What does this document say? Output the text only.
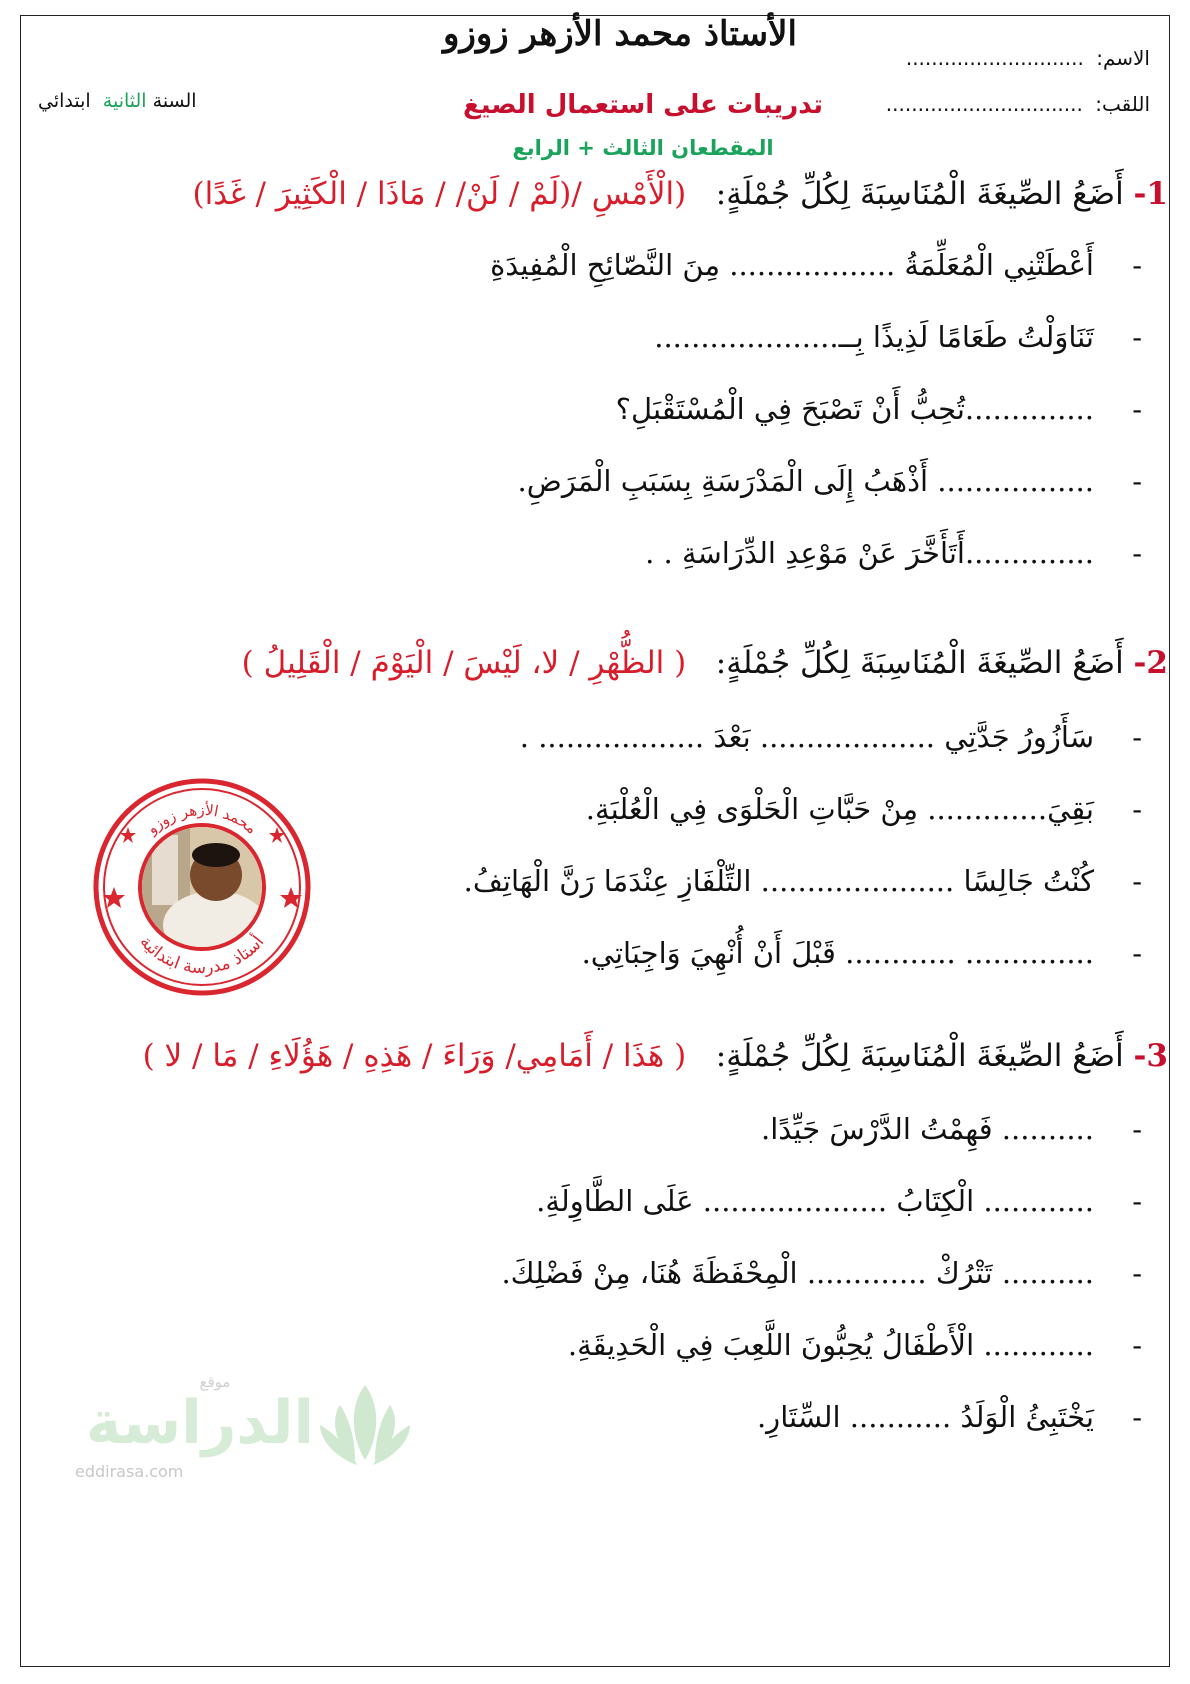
الأستاذ محمد الأزهر زوزو
الاسم: ............................
اللقب: ...............................
السنة الثانية  ابتدائي	تدريبات على استعمال الصيغ
المقطعان الثالث + الرابع
1- أَضَعُ الصِّيغَةَ الْمُنَاسِبَةَ لِكُلِّ جُمْلَةٍ:   (الْأَمْسِ /(لَمْ / لَنْ/ / مَاذَا / الْكَثِيرَ / غَدًا)
-أَعْطَتْنِي الْمُعَلِّمَةُ .................. مِنَ النَّصّائِحِ الْمُفِيدَةِ
-تَنَاوَلْتُ طَعَامًا لَذِيذًا بِــ....................
-..............تُحِبُّ أَنْ تَصْبَحَ فِي الْمُسْتَقْبَلِ؟
-................. أَذْهَبُ إِلَى الْمَدْرَسَةِ بِسَبَبِ الْمَرَضِ.
-..............أَتَأَخَّرَ عَنْ مَوْعِدِ الدِّرَاسَةِ . .
2- أَضَعُ الصِّيغَةَ الْمُنَاسِبَةَ لِكُلِّ جُمْلَةٍ:   ( الظُّهْرِ / لا، لَيْسَ / الْيَوْمَ / الْقَلِيلُ )
-سَأَزُورُ جَدَّتِي ................... بَعْدَ .................. .
-بَقِيَ............. مِنْ حَبَّاتِ الْحَلْوَى فِي الْعُلْبَةِ.
-كُنْتُ جَالِسًا ..................... التِّلْفَازِ عِنْدَمَا رَنَّ الْهَاتِفُ.
-.............. ............ قَبْلَ أَنْ أُنْهِيَ وَاجِبَاتِي.
محمد الأزهر زوزو
أستاذ مدرسة ابتدائية
3- أَضَعُ الصِّيغَةَ الْمُنَاسِبَةَ لِكُلِّ جُمْلَةٍ:   ( هَذَا / أَمَامِي/ وَرَاءَ / هَذِهِ / هَؤُلَاءِ / مَا / لا )
-.......... فَهِمْتُ الدَّرْسَ جَيِّدًا.
-............ الْكِتَابُ .................... عَلَى الطَّاوِلَةِ.
-.......... تَتْرُكْ ............. الْمِحْفَظَةَ هُنَا، مِنْ فَضْلِكَ.
-............ الْأَطْفَالُ يُحِبُّونَ اللَّعِبَ فِي الْحَدِيقَةِ.
-يَخْتَبِئُ الْوَلَدُ ........... السِّتَارِ.
موقع
الدراسة
eddirasa.com
